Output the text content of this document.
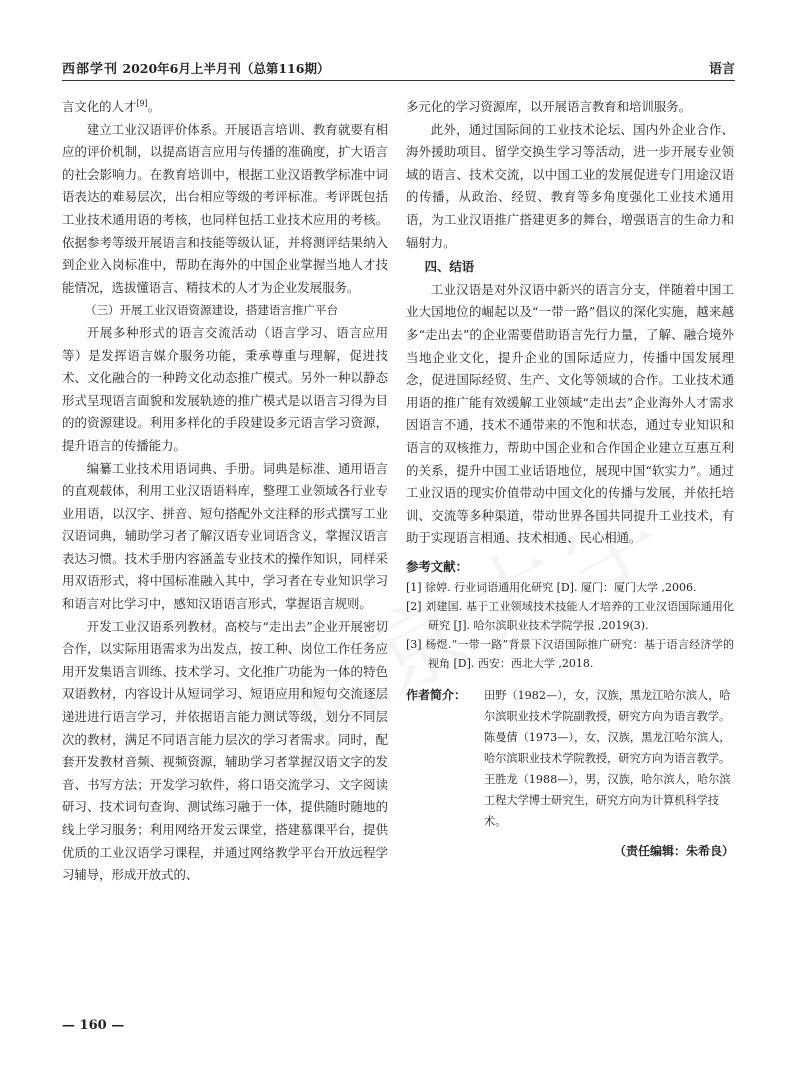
西部学刊 2020年6月上半月刊（总第116期）	语言

言文化的人才[9]。

建立工业汉语评价体系。开展语言培训、教育就要有相应的评价机制，以提高语言应用与传播的准确度，扩大语言的社会影响力。在教育培训中，根据工业汉语教学标准中词语表达的难易层次，出台相应等级的考评标准。考评既包括工业技术通用语的考核，也同样包括工业技术应用的考核。依据参考等级开展语言和技能等级认证，并将测评结果纳入到企业入岗标准中，帮助在海外的中国企业掌握当地人才技能情况，选拔懂语言、精技术的人才为企业发展服务。

（三）开展工业汉语资源建设，搭建语言推广平台

开展多种形式的语言交流活动（语言学习、语言应用等）是发挥语言媒介服务功能，秉承尊重与理解，促进技术、文化融合的一种跨文化动态推广模式。另外一种以静态形式呈现语言面貌和发展轨迹的推广模式是以语言习得为目的的资源建设。利用多样化的手段建设多元语言学习资源，提升语言的传播能力。

编纂工业技术用语词典、手册。词典是标准、通用语言的直观载体，利用工业汉语语料库，整理工业领域各行业专业用语，以汉字、拼音、短句搭配外文注释的形式撰写工业汉语词典，辅助学习者了解汉语专业词语含义，掌握汉语言表达习惯。技术手册内容涵盖专业技术的操作知识，同样采用双语形式，将中国标准融入其中，学习者在专业知识学习和语言对比学习中，感知汉语语言形式，掌握语言规则。

开发工业汉语系列教材。高校与“走出去”企业开展密切合作，以实际用语需求为出发点，按工种、岗位工作任务应用开发集语言训练、技术学习、文化推广功能为一体的特色双语教材，内容设计从短词学习、短语应用和短句交流逐层递进进行语言学习，并依据语言能力测试等级，划分不同层次的教材，满足不同语言能力层次的学习者需求。同时，配套开发教材音频、视频资源，辅助学习者掌握汉语文字的发音、书写方法；开发学习软件，将口语交流学习、文字阅读研习、技术词句查询、测试练习融于一体，提供随时随地的线上学习服务；利用网络开发云课堂，搭建慕课平台，提供优质的工业汉语学习课程，并通过网络教学平台开放远程学习辅导，形成开放式的、

多元化的学习资源库，以开展语言教育和培训服务。

此外，通过国际间的工业技术论坛、国内外企业合作、海外援助项目、留学交换生学习等活动，进一步开展专业领域的语言、技术交流，以中国工业的发展促进专门用途汉语的传播，从政治、经贸、教育等多角度强化工业技术通用语，为工业汉语推广搭建更多的舞台，增强语言的生命力和辐射力。

四、结语

工业汉语是对外汉语中新兴的语言分支，伴随着中国工业大国地位的崛起以及“一带一路”倡议的深化实施，越来越多“走出去”的企业需要借助语言先行力量，了解、融合境外当地企业文化，提升企业的国际适应力，传播中国发展理念，促进国际经贸、生产、文化等领域的合作。工业技术通用语的推广能有效缓解工业领域“走出去”企业海外人才需求因语言不通，技术不通带来的不饱和状态，通过专业知识和语言的双核推力，帮助中国企业和合作国企业建立互惠互利的关系，提升中国工业话语地位，展现中国“软实力”。通过工业汉语的现实价值带动中国文化的传播与发展，并依托培训、交流等多种渠道，带动世界各国共同提升工业技术，有助于实现语言相通、技术相通、民心相通。

参考文献：

[1] 徐婷. 行业词语通用化研究 [D]. 厦门：厦门大学 ,2006.

[2] 刘建国. 基于工业领域技术技能人才培养的工业汉语国际通用化研究 [J]. 哈尔滨职业技术学院学报 ,2019(3).

[3] 杨煜.“一带一路”背景下汉语国际推广研究：基于语言经济学的视角 [D]. 西安：西北大学 ,2018.

作者简介：	田野（1982—），女，汉族，黑龙江哈尔滨人，哈尔滨职业技术学院副教授，研究方向为语言教学。
陈曼倩（1973—），女，汉族，黑龙江哈尔滨人，哈尔滨职业技术学院教授，研究方向为语言教学。
王胜龙（1988—），男，汉族，哈尔滨人，哈尔滨工程大学博士研究生，研究方向为计算机科学技术。
（责任编辑：朱希良）
— 160 —
